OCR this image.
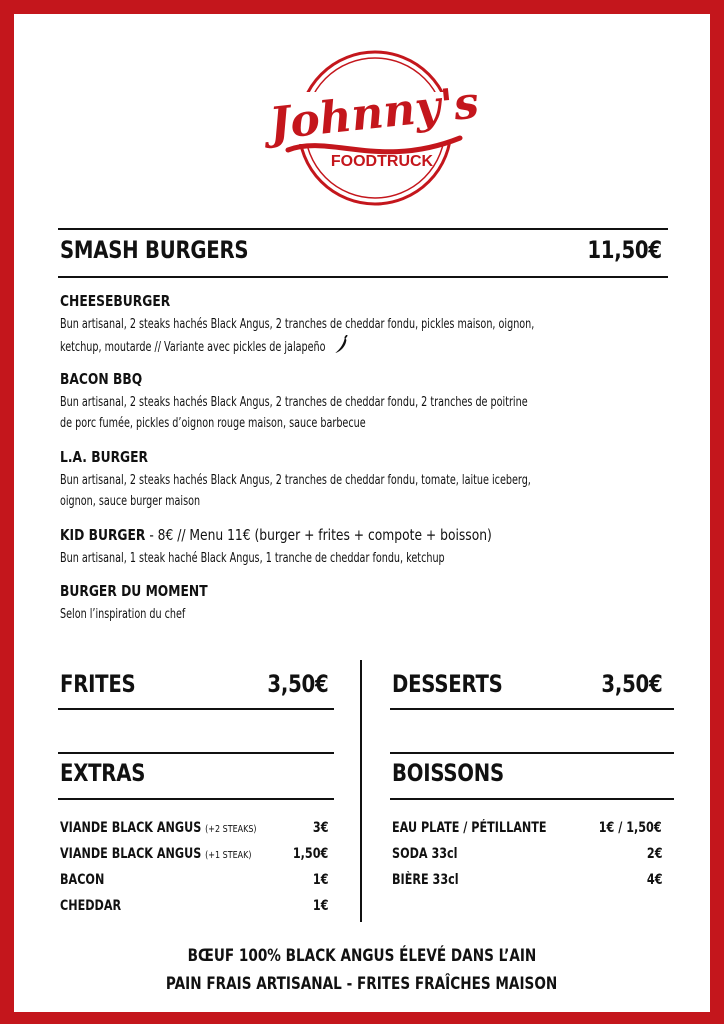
Johnny's
FOODTRUCK
SMASH BURGERS	11,50€
CHEESEBURGER
Bun artisanal, 2 steaks hachés Black Angus, 2 tranches de cheddar fondu, pickles maison, oignon,
ketchup, moutarde // Variante avec pickles de jalapeño
BACON BBQ
Bun artisanal, 2 steaks hachés Black Angus, 2 tranches de cheddar fondu, 2 tranches de poitrine
de porc fumée, pickles d’oignon rouge maison, sauce barbecue
L.A. BURGER
Bun artisanal, 2 steaks hachés Black Angus, 2 tranches de cheddar fondu, tomate, laitue iceberg,
oignon, sauce burger maison
KID BURGER - 8€ // Menu 11€ (burger + frites + compote + boisson)
Bun artisanal, 1 steak haché Black Angus, 1 tranche de cheddar fondu, ketchup
BURGER DU MOMENT
Selon l’inspiration du chef
FRITES	3,50€	DESSERTS	3,50€
EXTRAS
VIANDE BLACK ANGUS (+2 STEAKS)	3€
VIANDE BLACK ANGUS (+1 STEAK)	1,50€
BACON	1€
CHEDDAR	1€
BOISSONS
EAU PLATE / PÉTILLANTE	1€ / 1,50€
SODA 33cl	2€
BIÈRE 33cl	4€
BŒUF 100% BLACK ANGUS ÉLEVÉ DANS L’AIN
PAIN FRAIS ARTISANAL - FRITES FRAÎCHES MAISON
